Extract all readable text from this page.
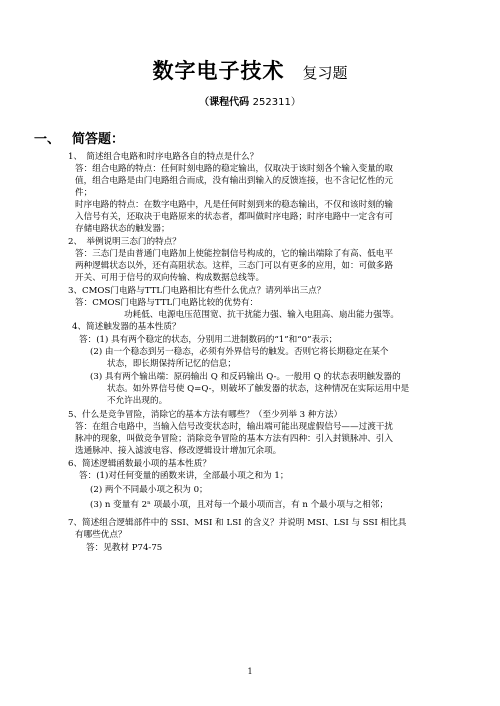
数字电子技术 复习题
（课程代码 252311）
一、 简答题：
1、　简述组合电路和时序电路各自的特点是什么？
答：组合电路的特点：任何时刻电路的稳定输出，仅取决于该时刻各个输入变量的取
值，组合电路是由门电路组合而成，没有输出到输入的反馈连接，也不含记忆性的元
件；
时序电路的特点：在数字电路中，凡是任何时刻到来的稳态输出，不仅和该时刻的输
入信号有关，还取决于电路原来的状态者，都叫做时序电路；时序电路中一定含有可
存储电路状态的触发器；
2、　举例说明三态门的特点？
答：三态门是由普通门电路加上使能控制信号构成的，它的输出端除了有高、低电平
两种逻辑状态以外，还有高阻状态。这样，三态门可以有更多的应用，如：可做多路
开关、可用于信号的双向传输、构成数据总线等。
3、CMOS门电路与TTL门电路相比有些什么优点？请列举出三点？
答：CMOS门电路与TTL门电路比较的优势有：
功耗低、电源电压范围宽、抗干扰能力强、输入电阻高、扇出能力强等。
4、简述触发器的基本性质？
答：(1) 具有两个稳定的状态，分别用二进制数码的“1”和“0”表示；
(2) 由一个稳态到另一稳态，必须有外界信号的触发。否则它将长期稳定在某个
状态，即长期保持所记忆的信息；
(3) 具有两个输出端：原码输出 Q 和反码输出 Q-。一般用 Q 的状态表明触发器的
状态。如外界信号使 Q=Q-，则破坏了触发器的状态，这种情况在实际运用中是
不允许出现的。
5、什么是竞争冒险，消除它的基本方法有哪些？（至少列举 3 种方法）
答：在组合电路中，当输入信号改变状态时，输出端可能出现虚假信号——过渡干扰
脉冲的现象，叫做竞争冒险；消除竞争冒险的基本方法有四种：引入封锁脉冲、引入
选通脉冲、接入滤波电容、修改逻辑设计增加冗余项。
6、简述逻辑函数最小项的基本性质？
答：(1)对任何变量的函数来讲，全部最小项之和为 1；
(2) 两个不同最小项之积为 0；
(3) n 变量有 2ⁿ 项最小项，且对每一个最小项而言，有 n 个最小项与之相邻；
7、简述组合逻辑部件中的 SSI、MSI 和 LSI 的含义？并说明 MSI、LSI 与 SSI 相比具
有哪些优点？
答：见教材 P74-75
1
